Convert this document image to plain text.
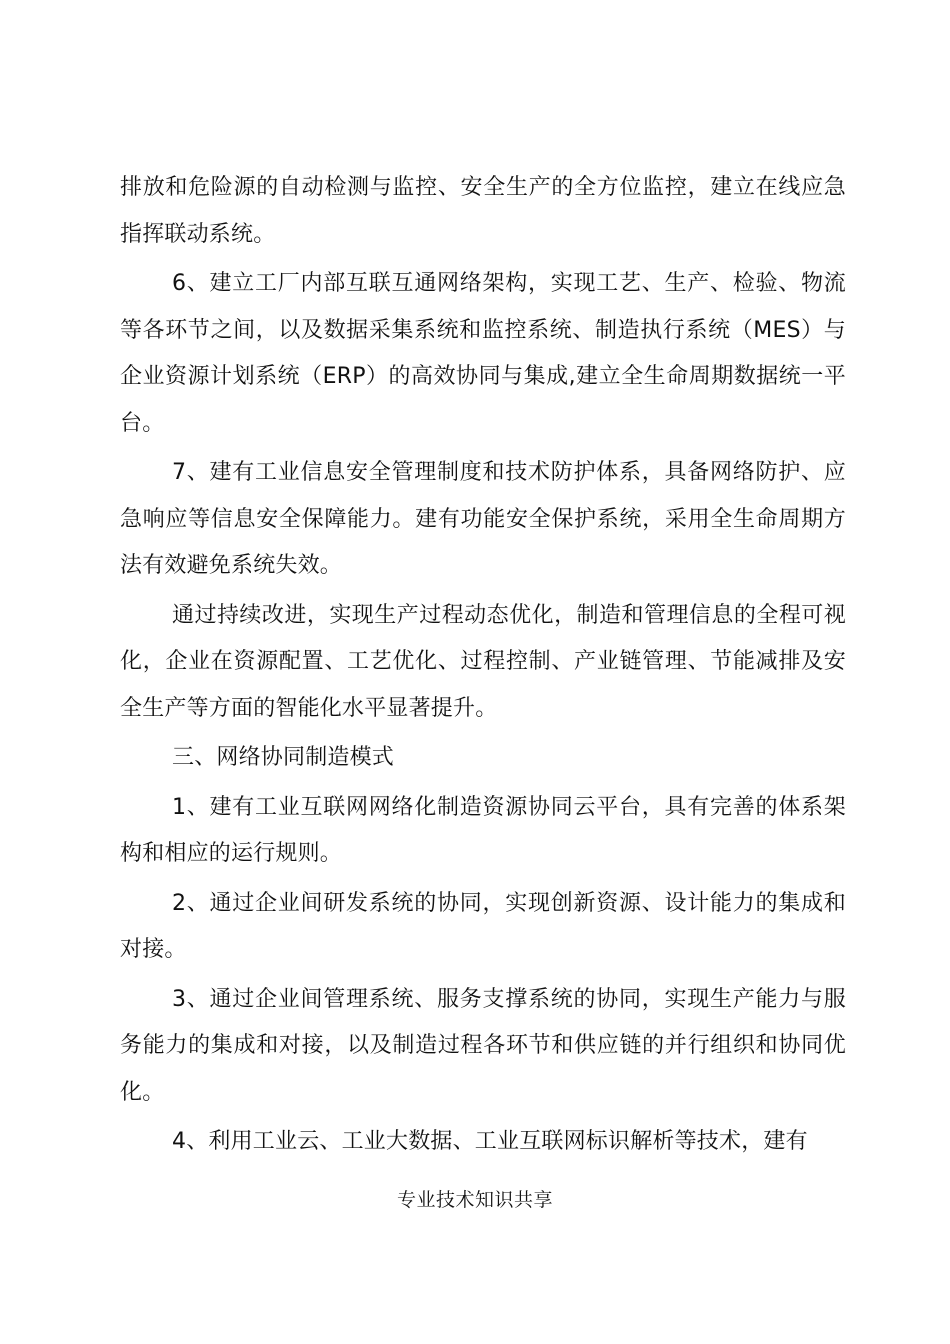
排放和危险源的自动检测与监控、安全生产的全方位监控，建立在线应急指挥联动系统。

6、建立工厂内部互联互通网络架构，实现工艺、生产、检验、物流等各环节之间，以及数据采集系统和监控系统、制造执行系统（MES）与企业资源计划系统（ERP）的高效协同与集成,建立全生命周期数据统一平台。

7、建有工业信息安全管理制度和技术防护体系，具备网络防护、应急响应等信息安全保障能力。建有功能安全保护系统，采用全生命周期方法有效避免系统失效。

通过持续改进，实现生产过程动态优化，制造和管理信息的全程可视化，企业在资源配置、工艺优化、过程控制、产业链管理、节能减排及安全生产等方面的智能化水平显著提升。

三、网络协同制造模式

1、建有工业互联网网络化制造资源协同云平台，具有完善的体系架构和相应的运行规则。

2、通过企业间研发系统的协同，实现创新资源、设计能力的集成和对接。

3、通过企业间管理系统、服务支撑系统的协同，实现生产能力与服务能力的集成和对接，以及制造过程各环节和供应链的并行组织和协同优化。

4、利用工业云、工业大数据、工业互联网标识解析等技术，建有

专业技术知识共享
